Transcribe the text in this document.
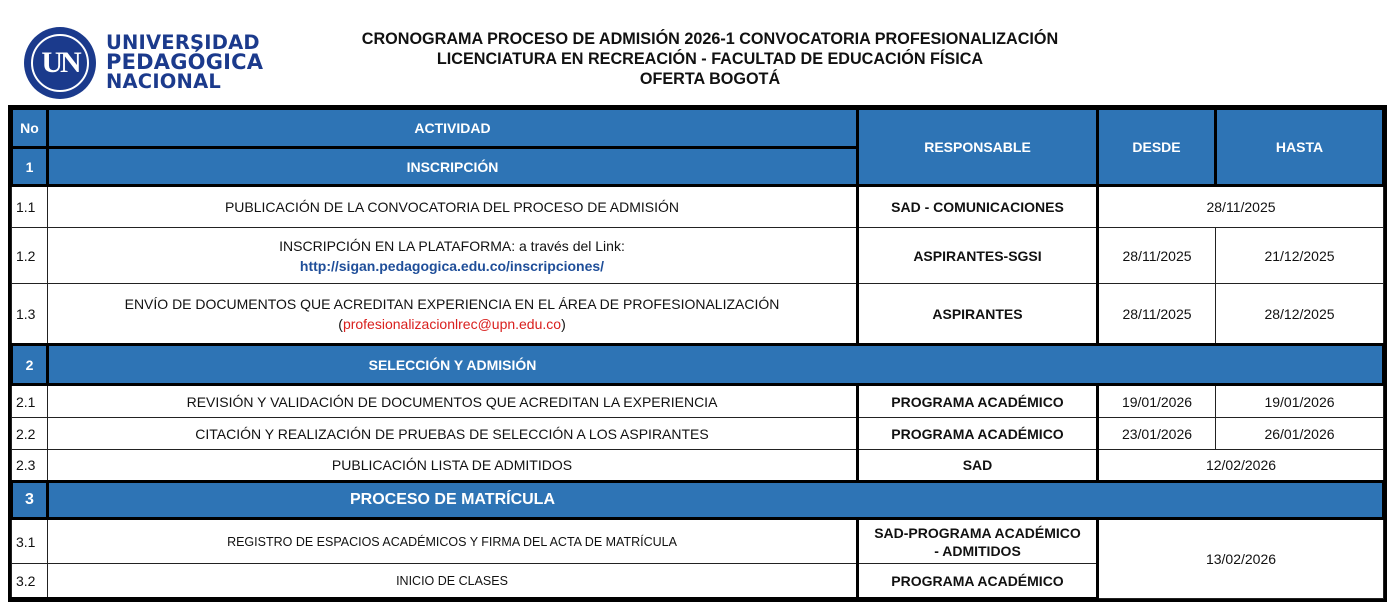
UN
UNIVERSIDAD
PEDAGÓGICA
NACIONAL
CRONOGRAMA PROCESO DE ADMISIÓN 2026-1 CONVOCATORIA PROFESIONALIZACIÓN
LICENCIATURA EN RECREACIÓN - FACULTAD DE EDUCACIÓN FÍSICA
OFERTA BOGOTÁ
No	ACTIVIDAD	RESPONSABLE	DESDE	HASTA
1	INSCRIPCIÓN			
1.1	PUBLICACIÓN DE LA CONVOCATORIA DEL PROCESO DE ADMISIÓN	SAD - COMUNICACIONES	28/11/2025	
1.2	INSCRIPCIÓN EN LA PLATAFORMA: a través del Link:
http://sigan.pedagogica.edu.co/inscripciones/	ASPIRANTES-SGSI	28/11/2025	21/12/2025
1.3	ENVÍO DE DOCUMENTOS QUE ACREDITAN EXPERIENCIA EN EL ÁREA DE PROFESIONALIZACIÓN
(profesionalizacionlrec@upn.edu.co)	ASPIRANTES	28/11/2025	28/12/2025
2	SELECCIÓN Y ADMISIÓN			
2.1	REVISIÓN Y VALIDACIÓN DE DOCUMENTOS QUE ACREDITAN LA EXPERIENCIA	PROGRAMA ACADÉMICO	19/01/2026	19/01/2026
2.2	CITACIÓN Y REALIZACIÓN DE PRUEBAS DE SELECCIÓN A LOS ASPIRANTES	PROGRAMA ACADÉMICO	23/01/2026	26/01/2026
2.3	PUBLICACIÓN LISTA DE ADMITIDOS	SAD	12/02/2026	
3	PROCESO DE MATRÍCULA			
3.1	REGISTRO DE ESPACIOS ACADÉMICOS Y FIRMA DEL ACTA DE MATRÍCULA	SAD-PROGRAMA ACADÉMICO
- ADMITIDOS	13/02/2026	
3.2	INICIO DE CLASES	PROGRAMA ACADÉMICO		
